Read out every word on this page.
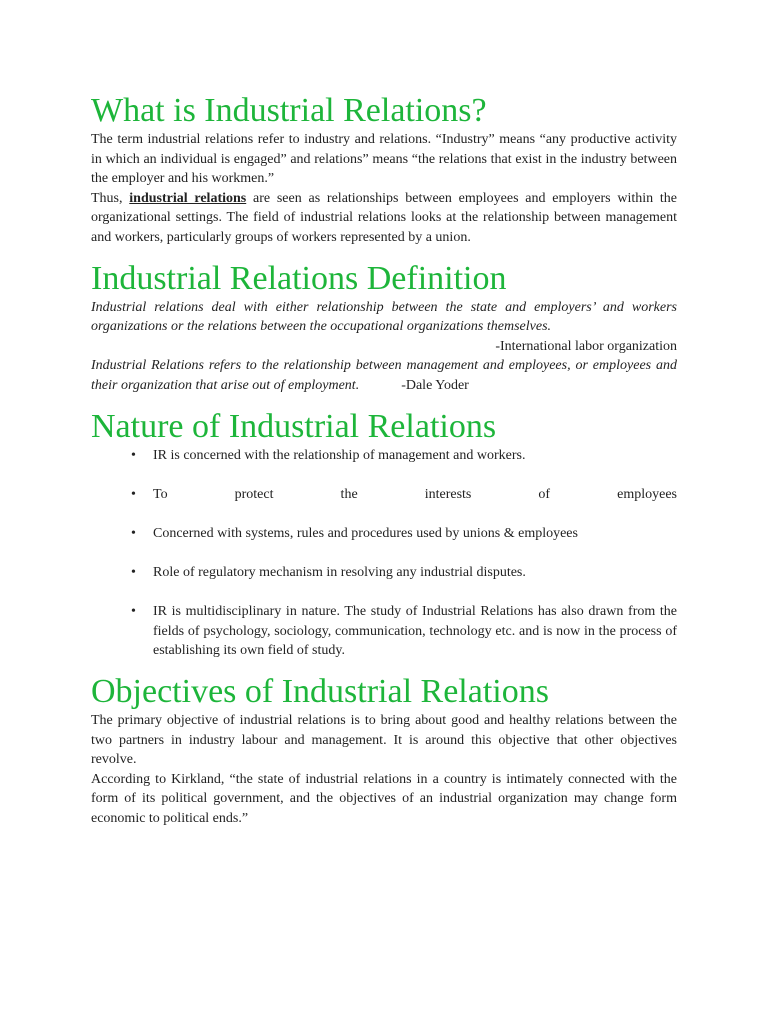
What is Industrial Relations?

The term industrial relations refer to industry and relations. “Industry” means “any productive activity in which an individual is engaged” and relations” means “the relations that exist in the industry between the employer and his workmen.”

Thus, industrial relations are seen as relationships between employees and employers within the organizational settings. The field of industrial relations looks at the relationship between management and workers, particularly groups of workers represented by a union.

Industrial Relations Definition

Industrial relations deal with either relationship between the state and employers’ and workers organizations or the relations between the occupational organizations themselves.

-International labor organization

Industrial Relations refers to the relationship between management and employees, or employees and their organization that arise out of employment.	-Dale Yoder

Nature of Industrial Relations
• IR is concerned with the relationship of management and workers.
• To protect the interests of employees
• Concerned with systems, rules and procedures used by unions & employees
• Role of regulatory mechanism in resolving any industrial disputes.
• IR is multidisciplinary in nature. The study of Industrial Relations has also drawn from the fields of psychology, sociology, communication, technology etc. and is now in the process of establishing its own field of study.
Objectives of Industrial Relations

The primary objective of industrial relations is to bring about good and healthy relations between the two partners in industry labour and management. It is around this objective that other objectives revolve.

According to Kirkland, “the state of industrial relations in a country is intimately connected with the form of its political government, and the objectives of an industrial organization may change form economic to political ends.”
